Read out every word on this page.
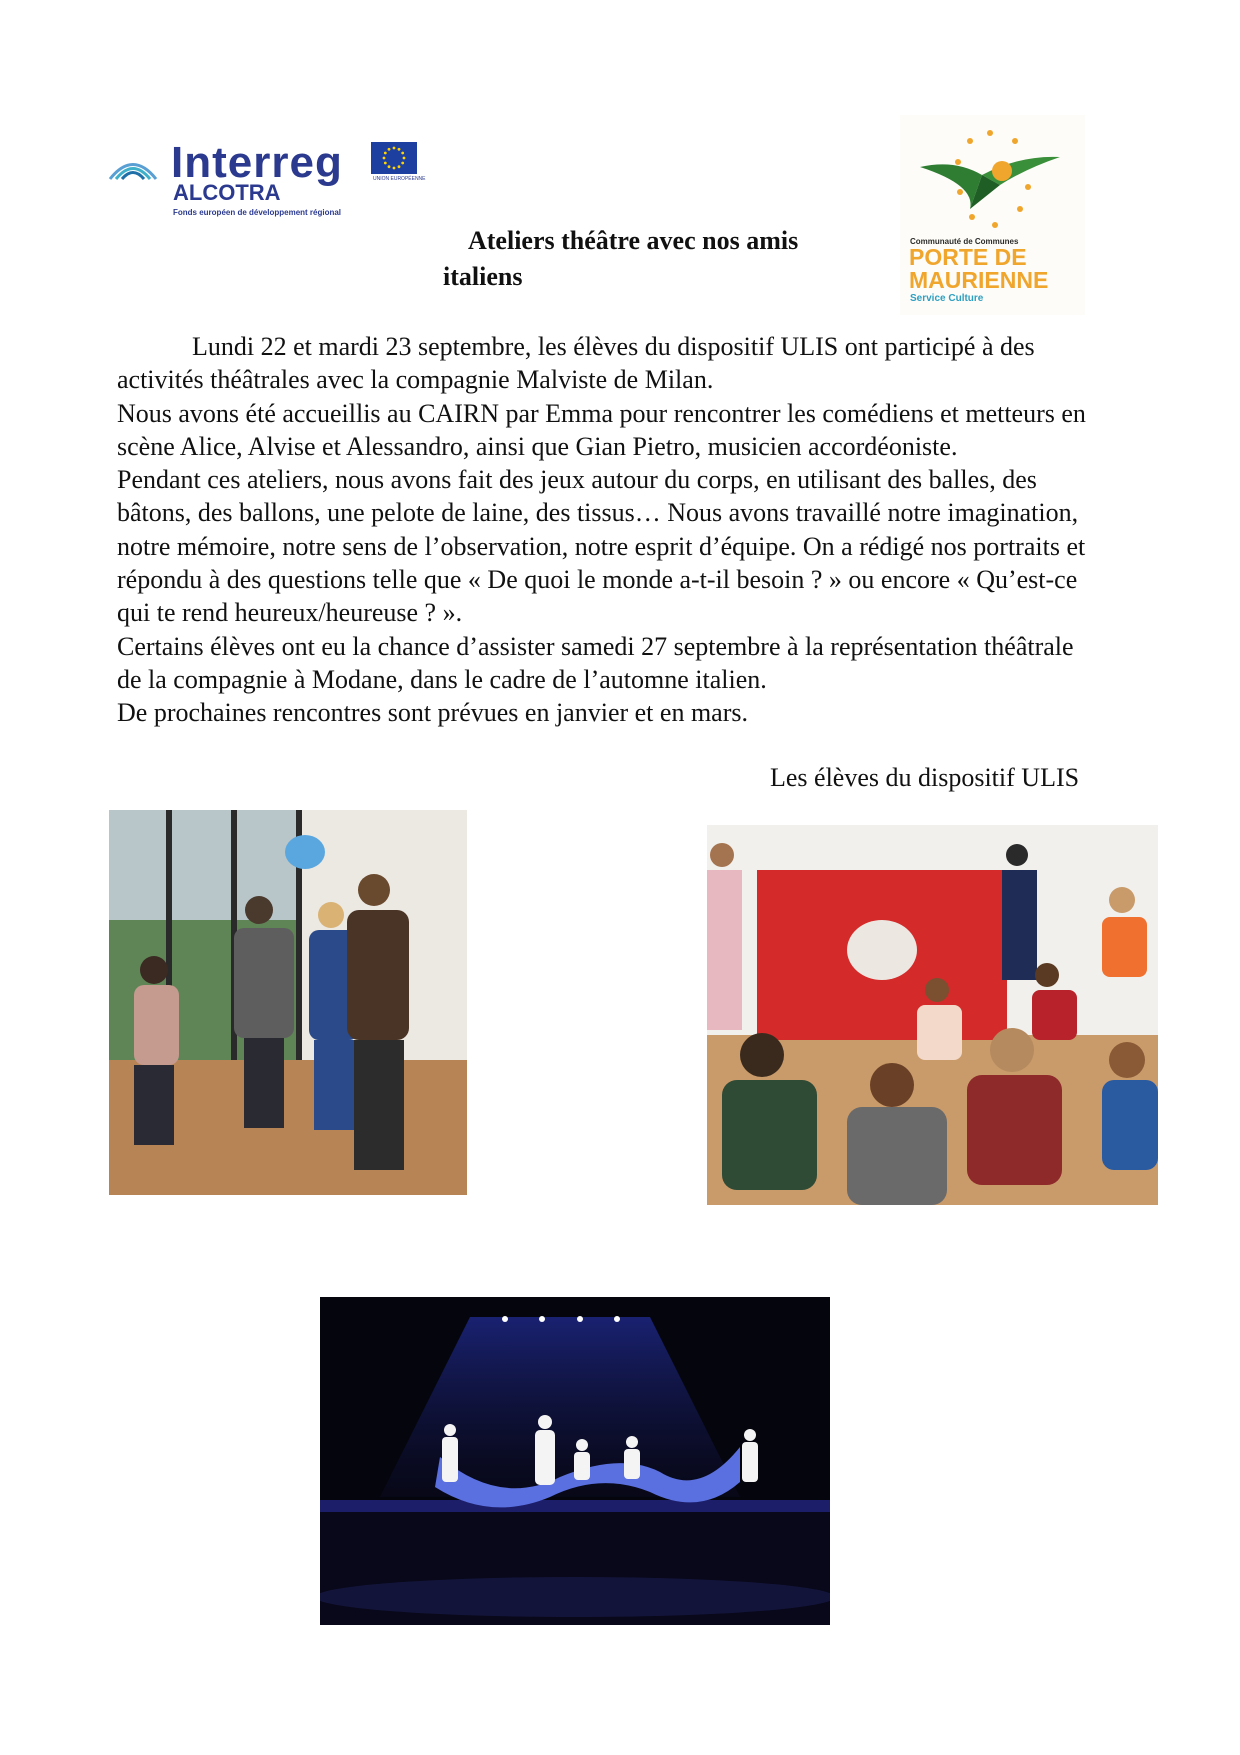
Interreg
ALCOTRA
Fonds européen de développement régional
UNION EUROPÉENNE
Communauté de Communes
PORTE DE
MAURIENNE
Service Culture
Ateliers théâtre avec nos amis
italiens

Lundi 22 et mardi 23 septembre, les élèves du dispositif ULIS ont participé à des activités théâtrales avec la compagnie Malviste de Milan.

Nous avons été accueillis au CAIRN par Emma pour rencontrer les comédiens et metteurs en scène Alice, Alvise et Alessandro, ainsi que Gian Pietro, musicien accordéoniste.

Pendant ces ateliers, nous avons fait des jeux autour du corps, en utilisant des balles, des bâtons, des ballons, une pelote de laine, des tissus… Nous avons travaillé notre imagination, notre mémoire, notre sens de l’observation, notre esprit d’équipe. On a rédigé nos portraits et répondu à des questions telle que « De quoi le monde a-t-il besoin ? » ou encore « Qu’est-ce qui te rend heureux/heureuse ? ».

Certains élèves ont eu la chance d’assister samedi 27 septembre à la représentation théâtrale de la compagnie à Modane, dans le cadre de l’automne italien.

De prochaines rencontres sont prévues en janvier et en mars.

Les élèves du dispositif ULIS
